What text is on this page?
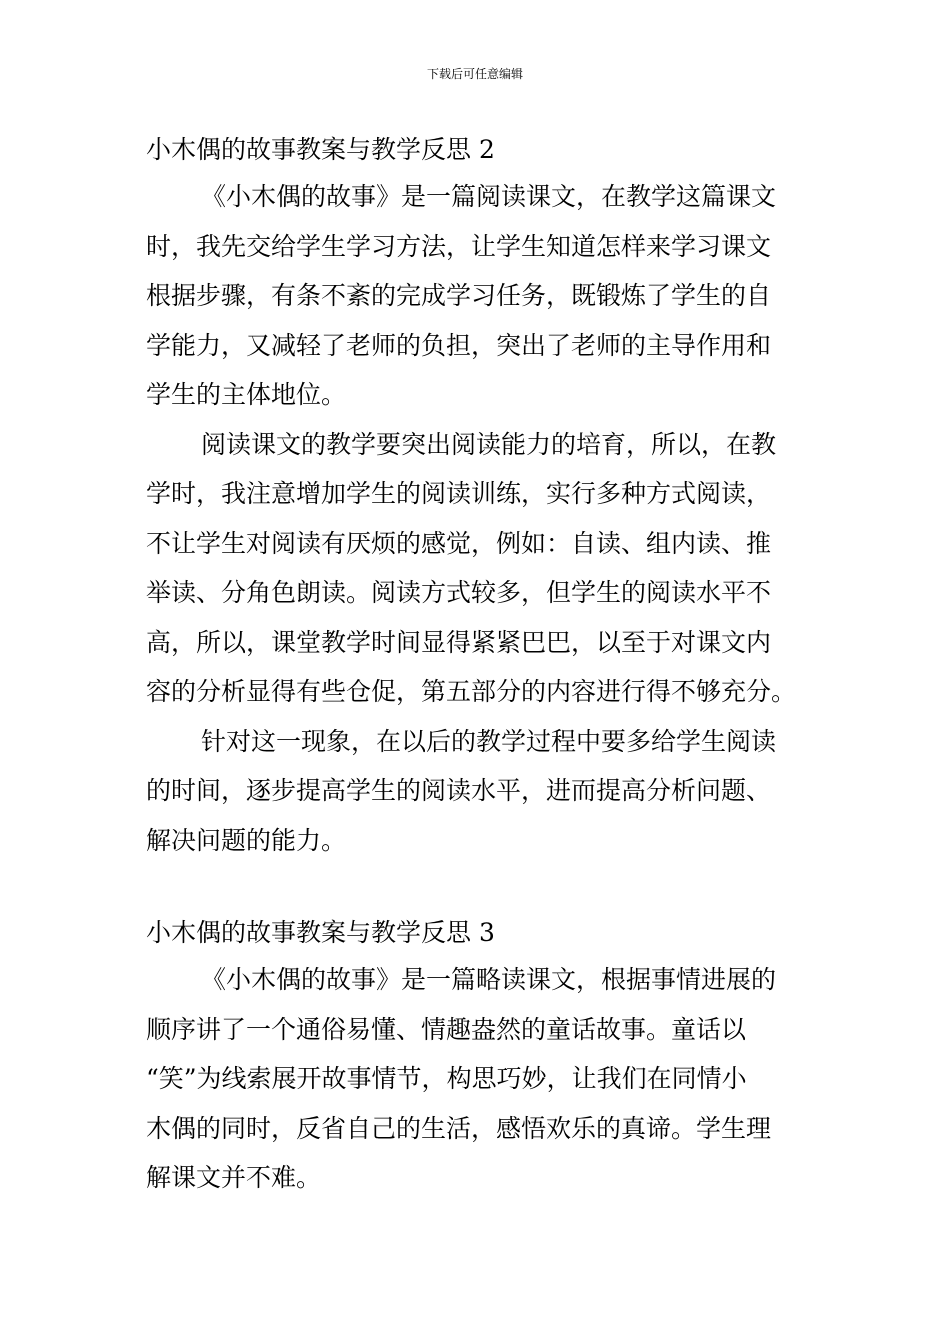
下载后可任意编辑
小木偶的故事教案与教学反思 2
《小木偶的故事》是一篇阅读课文，在教学这篇课文
时，我先交给学生学习方法，让学生知道怎样来学习课文
根据步骤，有条不紊的完成学习任务，既锻炼了学生的自
学能力，又减轻了老师的负担，突出了老师的主导作用和
学生的主体地位。
阅读课文的教学要突出阅读能力的培育，所以，在教
学时，我注意增加学生的阅读训练，实行多种方式阅读，
不让学生对阅读有厌烦的感觉，例如：自读、组内读、推
举读、分角色朗读。阅读方式较多，但学生的阅读水平不
高，所以，课堂教学时间显得紧紧巴巴，以至于对课文内
容的分析显得有些仓促，第五部分的内容进行得不够充分。
针对这一现象，在以后的教学过程中要多给学生阅读
的时间，逐步提高学生的阅读水平，进而提高分析问题、
解决问题的能力。
小木偶的故事教案与教学反思 3
《小木偶的故事》是一篇略读课文，根据事情进展的
顺序讲了一个通俗易懂、情趣盎然的童话故事。童话以
“笑”为线索展开故事情节，构思巧妙，让我们在同情小
木偶的同时，反省自己的生活，感悟欢乐的真谛。学生理
解课文并不难。
